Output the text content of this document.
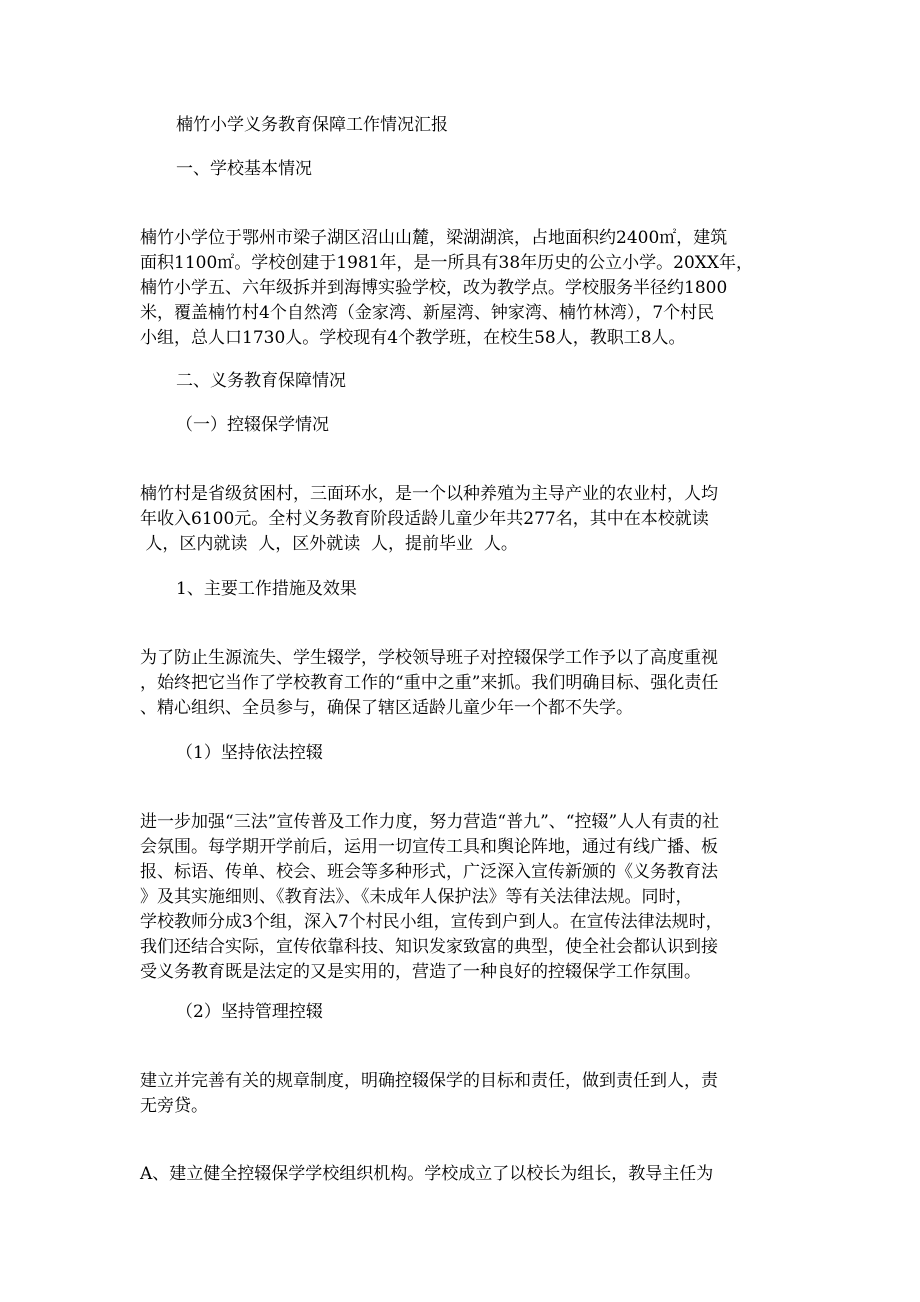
楠竹小学义务教育保障工作情况汇报
一、学校基本情况
楠竹小学位于鄂州市梁子湖区沼山山麓，梁湖湖滨，占地面积约2400㎡，建筑
面积1100㎡。学校创建于1981年，是一所具有38年历史的公立小学。20XX年，
楠竹小学五、六年级拆并到海博实验学校，改为教学点。学校服务半径约1800
米，覆盖楠竹村4个自然湾（金家湾、新屋湾、钟家湾、楠竹林湾），7个村民
小组，总人口1730人。学校现有4个教学班，在校生58人，教职工8人。
二、义务教育保障情况
（一）控辍保学情况
楠竹村是省级贫困村，三面环水，是一个以种养殖为主导产业的农业村，人均
年收入6100元。全村义务教育阶段适龄儿童少年共277名，其中在本校就读
人，区内就读  人，区外就读  人，提前毕业  人。
1、主要工作措施及效果
为了防止生源流失、学生辍学，学校领导班子对控辍保学工作予以了高度重视
，始终把它当作了学校教育工作的“重中之重”来抓。我们明确目标、强化责任
、精心组织、全员参与，确保了辖区适龄儿童少年一个都不失学。
（1）坚持依法控辍
进一步加强“三法”宣传普及工作力度，努力营造“普九”、“控辍”人人有责的社
会氛围。每学期开学前后，运用一切宣传工具和舆论阵地，通过有线广播、板
报、标语、传单、校会、班会等多种形式，广泛深入宣传新颁的《义务教育法
》及其实施细则、《教育法》、《未成年人保护法》等有关法律法规。同时，
学校教师分成3个组，深入7个村民小组，宣传到户到人。在宣传法律法规时，
我们还结合实际，宣传依靠科技、知识发家致富的典型，使全社会都认识到接
受义务教育既是法定的又是实用的，营造了一种良好的控辍保学工作氛围。
（2）坚持管理控辍
建立并完善有关的规章制度，明确控辍保学的目标和责任，做到责任到人，责
无旁贷。
A、建立健全控辍保学学校组织机构。学校成立了以校长为组长，教导主任为
